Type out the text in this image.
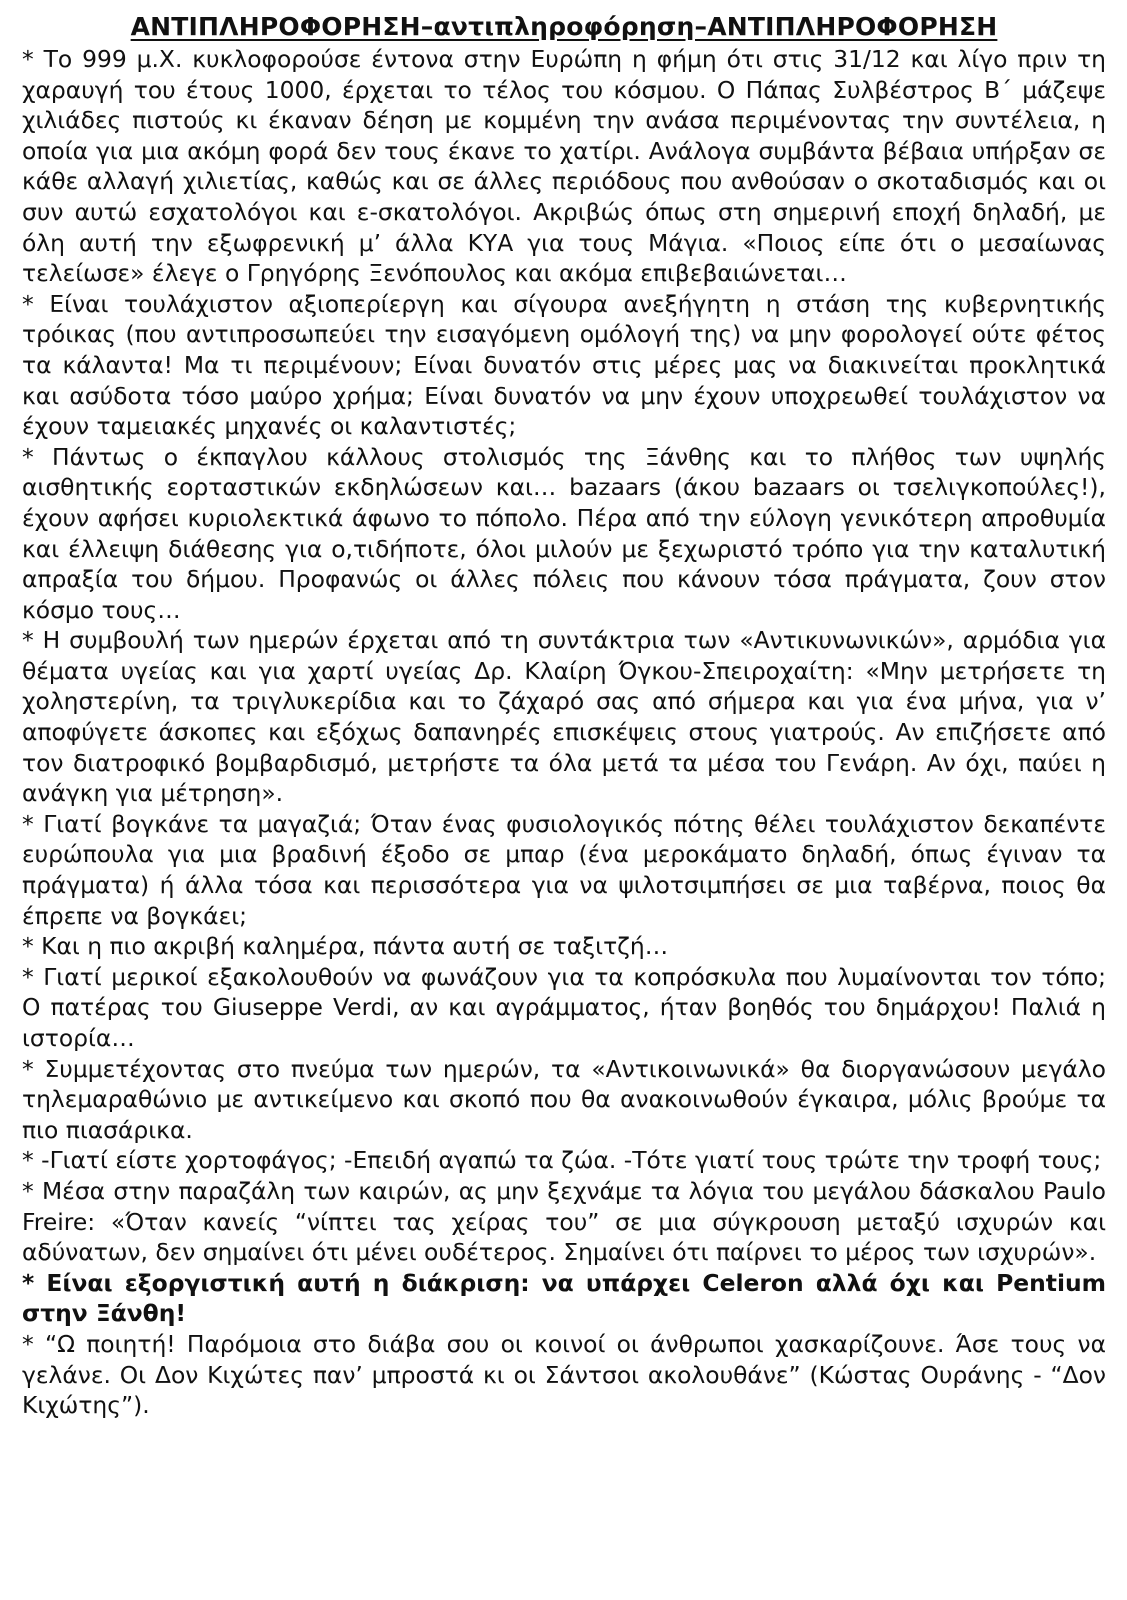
ΑΝΤΙΠΛΗΡΟΦΟΡΗΣΗ–αντιπληροφόρηση–ΑΝΤΙΠΛΗΡΟΦΟΡΗΣΗ

* Το 999 μ.Χ. κυκλοφορούσε έντονα στην Ευρώπη η φήμη ότι στις 31/12 και λίγο πριν τη χαραυγή του έτους 1000, έρχεται το τέλος του κόσμου. Ο Πάπας Συλβέστρος Β΄ μάζεψε χιλιάδες πιστούς κι έκαναν δέηση με κομμένη την ανάσα περιμένοντας την συντέλεια, η οποία για μια ακόμη φορά δεν τους έκανε το χατίρι. Ανάλογα συμβάντα βέβαια υπήρξαν σε κάθε αλλαγή χιλιετίας, καθώς και σε άλλες περιόδους που ανθούσαν ο σκοταδισμός και οι συν αυτώ εσχατολόγοι και ε-σκατολόγοι. Ακριβώς όπως στη σημερινή εποχή δηλαδή, με όλη αυτή την εξωφρενική μ’ άλλα ΚΥΑ για τους Μάγια. «Ποιος είπε ότι ο μεσαίωνας τελείωσε» έλεγε ο Γρηγόρης Ξενόπουλος και ακόμα επιβεβαιώνεται…

* Είναι τουλάχιστον αξιοπερίεργη και σίγουρα ανεξήγητη η στάση της κυβερνητικής τρόικας (που αντιπροσωπεύει την εισαγόμενη ομόλογή της) να μην φορολογεί ούτε φέτος τα κάλαντα! Μα τι περιμένουν; Είναι δυνατόν στις μέρες μας να διακινείται προκλητικά και ασύδοτα τόσο μαύρο χρήμα; Είναι δυνατόν να μην έχουν υποχρεωθεί τουλάχιστον να έχουν ταμειακές μηχανές οι καλαντιστές;

* Πάντως ο έκπαγλου κάλλους στολισμός της Ξάνθης και το πλήθος των υψηλής αισθητικής εορταστικών εκδηλώσεων και… bazaars (άκου bazaars οι τσελιγκοπούλες!), έχουν αφήσει κυριολεκτικά άφωνο το πόπολο. Πέρα από την εύλογη γενικότερη απροθυμία και έλλειψη διάθεσης για ο,τιδήποτε, όλοι μιλούν με ξεχωριστό τρόπο για την καταλυτική απραξία του δήμου. Προφανώς οι άλλες πόλεις που κάνουν τόσα πράγματα, ζουν στον κόσμο τους…

* Η συμβουλή των ημερών έρχεται από τη συντάκτρια των «Αντικυνωνικών», αρμόδια για θέματα υγείας και για χαρτί υγείας Δρ. Κλαίρη Όγκου-Σπειροχαίτη: «Μην μετρήσετε τη χοληστερίνη, τα τριγλυκερίδια και το ζάχαρό σας από σήμερα και για ένα μήνα, για ν’ αποφύγετε άσκοπες και εξόχως δαπανηρές επισκέψεις στους γιατρούς. Αν επιζήσετε από τον διατροφικό βομβαρδισμό, μετρήστε τα όλα μετά τα μέσα του Γενάρη. Αν όχι, παύει η ανάγκη για μέτρηση».

* Γιατί βογκάνε τα μαγαζιά; Όταν ένας φυσιολογικός πότης θέλει τουλάχιστον δεκαπέντε ευρώπουλα για μια βραδινή έξοδο σε μπαρ (ένα μεροκάματο δηλαδή, όπως έγιναν τα πράγματα) ή άλλα τόσα και περισσότερα για να ψιλοτσιμπήσει σε μια ταβέρνα, ποιος θα έπρεπε να βογκάει;

* Και η πιο ακριβή καλημέρα, πάντα αυτή σε ταξιτζή…

* Γιατί μερικοί εξακολουθούν να φωνάζουν για τα κοπρόσκυλα που λυμαίνονται τον τόπο; Ο πατέρας του Giuseppe Verdi, αν και αγράμματος, ήταν βοηθός του δημάρχου! Παλιά η ιστορία…

* Συμμετέχοντας στο πνεύμα των ημερών, τα «Αντικοινωνικά» θα διοργανώσουν μεγάλο τηλεμαραθώνιο με αντικείμενο και σκοπό που θα ανακοινωθούν έγκαιρα, μόλις βρούμε τα πιο πιασάρικα.

* -Γιατί είστε χορτοφάγος; -Επειδή αγαπώ τα ζώα. -Τότε γιατί τους τρώτε την τροφή τους;

* Μέσα στην παραζάλη των καιρών, ας μην ξεχνάμε τα λόγια του μεγάλου δάσκαλου Paulo Freire: «Όταν κανείς “νίπτει τας χείρας του” σε μια σύγκρουση μεταξύ ισχυρών και αδύνατων, δεν σημαίνει ότι μένει ουδέτερος. Σημαίνει ότι παίρνει το μέρος των ισχυρών».

* Είναι εξοργιστική αυτή η διάκριση: να υπάρχει Celeron αλλά όχι και Pentium στην Ξάνθη!

* “Ω ποιητή! Παρόμοια στο διάβα σου οι κοινοί οι άνθρωποι χασκαρίζουνε. Άσε τους να γελάνε. Οι Δον Κιχώτες παν’ μπροστά κι οι Σάντσοι ακολουθάνε” (Κώστας Ουράνης - “Δον Κιχώτης”).
